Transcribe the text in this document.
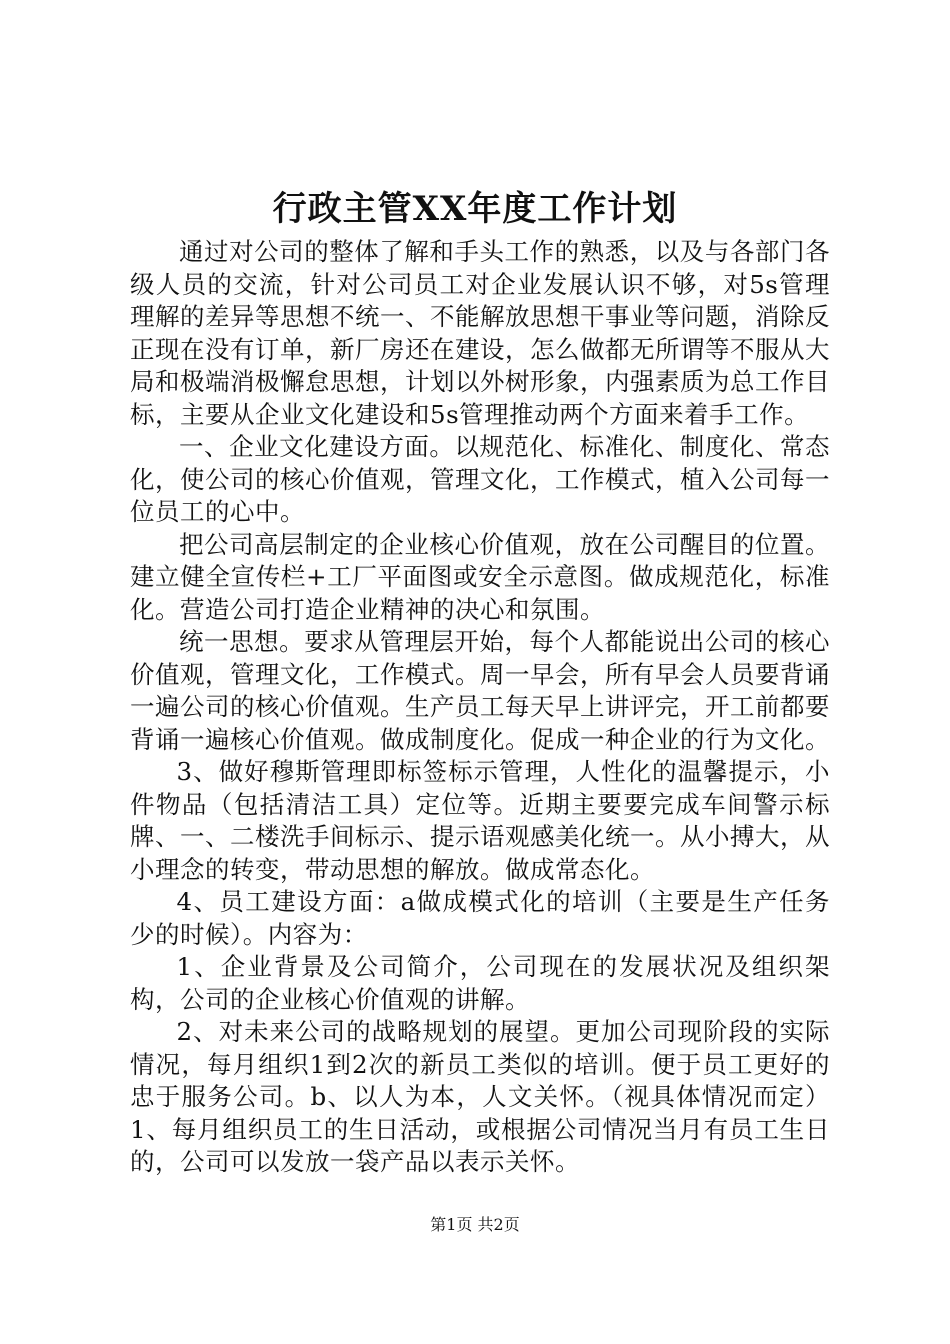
行政主管XX年度工作计划

通过对公司的整体了解和手头工作的熟悉，以及与各部门各级人员的交流，针对公司员工对企业发展认识不够，对5s管理理解的差异等思想不统一、不能解放思想干事业等问题，消除反正现在没有订单，新厂房还在建设，怎么做都无所谓等不服从大局和极端消极懈怠思想，计划以外树形象，内强素质为总工作目标，主要从企业文化建设和5s管理推动两个方面来着手工作。

一、企业文化建设方面。以规范化、标准化、制度化、常态化，使公司的核心价值观，管理文化，工作模式，植入公司每一位员工的心中。

把公司高层制定的企业核心价值观，放在公司醒目的位置。建立健全宣传栏+工厂平面图或安全示意图。做成规范化，标准化。营造公司打造企业精神的决心和氛围。

统一思想。要求从管理层开始，每个人都能说出公司的核心价值观，管理文化，工作模式。周一早会，所有早会人员要背诵一遍公司的核心价值观。生产员工每天早上讲评完，开工前都要背诵一遍核心价值观。做成制度化。促成一种企业的行为文化。

3、做好穆斯管理即标签标示管理，人性化的温馨提示，小件物品（包括清洁工具）定位等。近期主要要完成车间警示标牌、一、二楼洗手间标示、提示语观感美化统一。从小搏大，从小理念的转变，带动思想的解放。做成常态化。

4、员工建设方面：a做成模式化的培训（主要是生产任务少的时候）。内容为：

1、企业背景及公司简介，公司现在的发展状况及组织架构，公司的企业核心价值观的讲解。

2、对未来公司的战略规划的展望。更加公司现阶段的实际情况，每月组织1到2次的新员工类似的培训。便于员工更好的忠于服务公司。b、以人为本，人文关怀。（视具体情况而定）1、每月组织员工的生日活动，或根据公司情况当月有员工生日的，公司可以发放一袋产品以表示关怀。

第1页 共2页
